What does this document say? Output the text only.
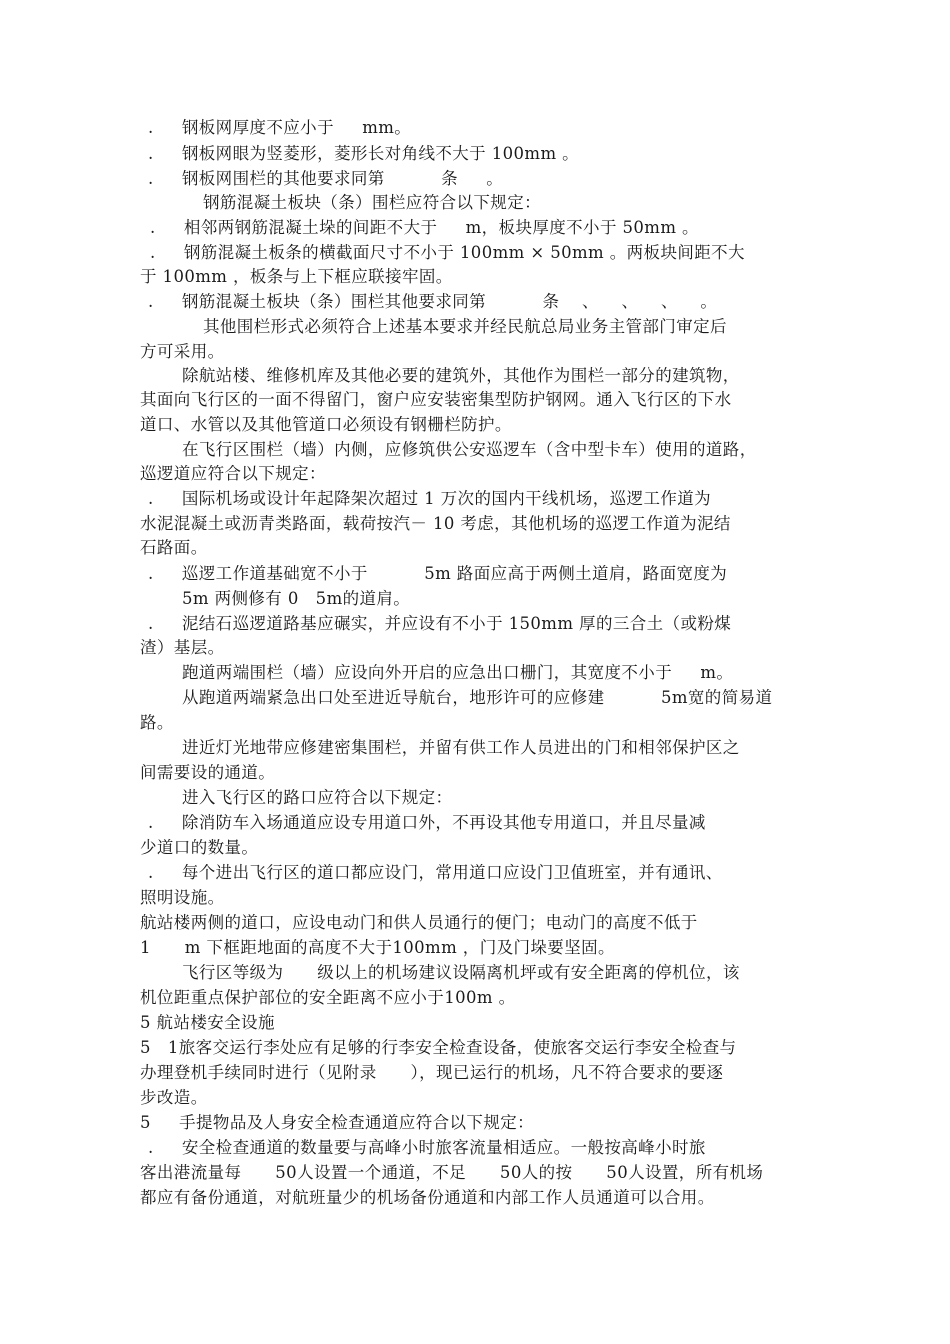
.     钢板网厚度不应小于     mm。
.     钢板网眼为竖菱形，菱形长对角线不大于 100mm 。
.     钢板网围栏的其他要求同第          条     。
钢筋混凝土板块（条）围栏应符合以下规定：
.     相邻两钢筋混凝土垛的间距不大于     m，板块厚度不小于 50mm 。
.     钢筋混凝土板条的横截面尺寸不小于 100mm × 50mm 。两板块间距不大
于 100mm ，板条与上下框应联接牢固。
.     钢筋混凝土板块（条）围栏其他要求同第          条    、    、    、    。
其他围栏形式必须符合上述基本要求并经民航总局业务主管部门审定后
方可采用。
除航站楼、维修机库及其他必要的建筑外，其他作为围栏一部分的建筑物，
其面向飞行区的一面不得留门，窗户应安装密集型防护钢网。通入飞行区的下水
道口、水管以及其他管道口必须设有钢栅栏防护。
在飞行区围栏（墙）内侧，应修筑供公安巡逻车（含中型卡车）使用的道路，
巡逻道应符合以下规定：
.     国际机场或设计年起降架次超过 1 万次的国内干线机场，巡逻工作道为
水泥混凝土或沥青类路面，载荷按汽－ 10 考虑，其他机场的巡逻工作道为泥结
石路面。
.     巡逻工作道基础宽不小于          5m 路面应高于两侧土道肩，路面宽度为
5m 两侧修有 0   5m的道肩。
.     泥结石巡逻道路基应碾实，并应设有不小于 150mm 厚的三合土（或粉煤
渣）基层。
跑道两端围栏（墙）应设向外开启的应急出口栅门，其宽度不小于     m。
从跑道两端紧急出口处至进近导航台，地形许可的应修建          5m宽的简易道
路。
进近灯光地带应修建密集围栏，并留有供工作人员进出的门和相邻保护区之
间需要设的通道。
进入飞行区的路口应符合以下规定：
.     除消防车入场通道应设专用道口外，不再设其他专用道口，并且尽量减
少道口的数量。
.     每个进出飞行区的道口都应设门，常用道口应设门卫值班室，并有通讯、
照明设施。
航站楼两侧的道口，应设电动门和供人员通行的便门；电动门的高度不低于
1      m 下框距地面的高度不大于100mm ，门及门垛要坚固。
飞行区等级为      级以上的机场建议设隔离机坪或有安全距离的停机位，该
机位距重点保护部位的安全距离不应小于100m 。
5 航站楼安全设施
5   1旅客交运行李处应有足够的行李安全检查设备，使旅客交运行李安全检查与
办理登机手续同时进行（见附录      ），现已运行的机场，凡不符合要求的要逐
步改造。
5     手提物品及人身安全检查通道应符合以下规定：
.     安全检查通道的数量要与高峰小时旅客流量相适应。一般按高峰小时旅
客出港流量每      50人设置一个通道，不足      50人的按      50人设置，所有机场
都应有备份通道，对航班量少的机场备份通道和内部工作人员通道可以合用。
